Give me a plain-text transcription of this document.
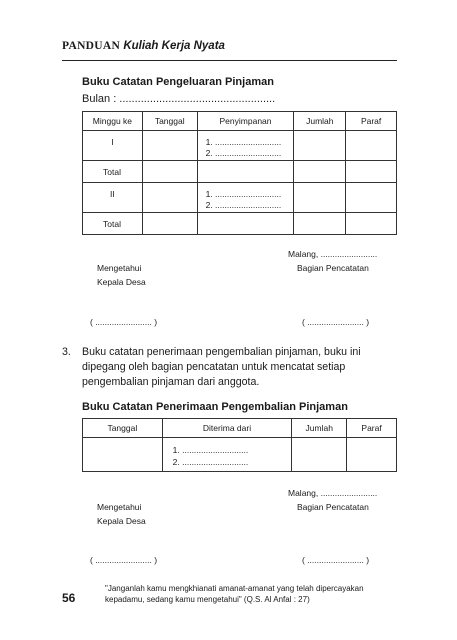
PANDUAN Kuliah Kerja Nyata
Buku Catatan Pengeluaran Pinjaman
Bulan : ...................................................
Minggu ke	Tanggal	Penyimpanan	Jumlah	Paraf
I		1. ............................
2. ............................		

Total				
II		1. ............................
2. ............................		

Total				
Malang, ........................
Mengetahui	Bagian Pencatatan
Kepala Desa
( ........................ )	( ........................ )
3. Buku catatan penerimaan pengembalian pinjaman, buku ini dipegang oleh bagian pencatatan untuk mencatat setiap pengembalian pinjaman dari anggota.
Buku Catatan Penerimaan Pengembalian Pinjaman
Tanggal	Diterima dari	Jumlah	Paraf

	1. ............................
2. ............................		

Malang, ........................
Mengetahui	Bagian Pencatatan
Kepala Desa
( ........................ )	( ........................ )
56
"Janganlah kamu mengkhianati amanat-amanat yang telah dipercayakan
kepadamu, sedang kamu mengetahui" (Q.S. Al Anfal : 27)
